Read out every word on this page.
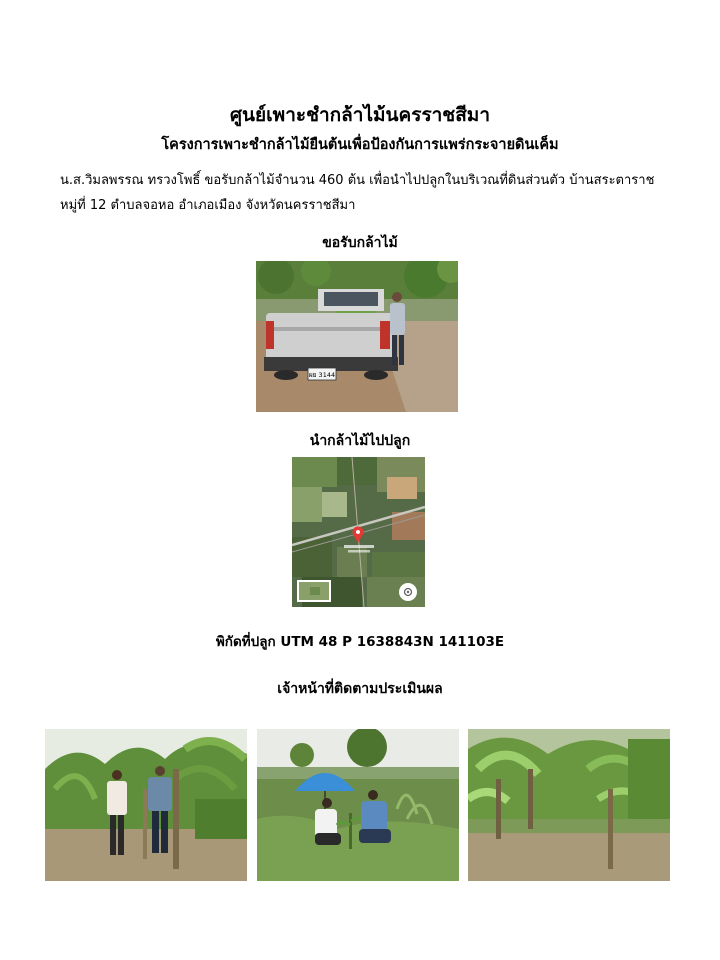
ศูนย์เพาะชำกล้าไม้นครราชสีมา
โครงการเพาะชำกล้าไม้ยืนต้นเพื่อป้องกันการแพร่กระจายดินเค็ม
น.ส.วิมลพรรณ ทรวงโพธิ์ ขอรับกล้าไม้จำนวน 460 ต้น เพื่อนำไปปลูกในบริเวณที่ดินส่วนตัว บ้านสระตาราช หมู่ที่ 12 ตำบลจอหอ อำเภอเมือง จังหวัดนครราชสีมา
ขอรับกล้าไม้
ผย 3144
นำกล้าไม้ไปปลูก
พิกัดที่ปลูก UTM 48 P 1638843N 141103E
เจ้าหน้าที่ติดตามประเมินผล
